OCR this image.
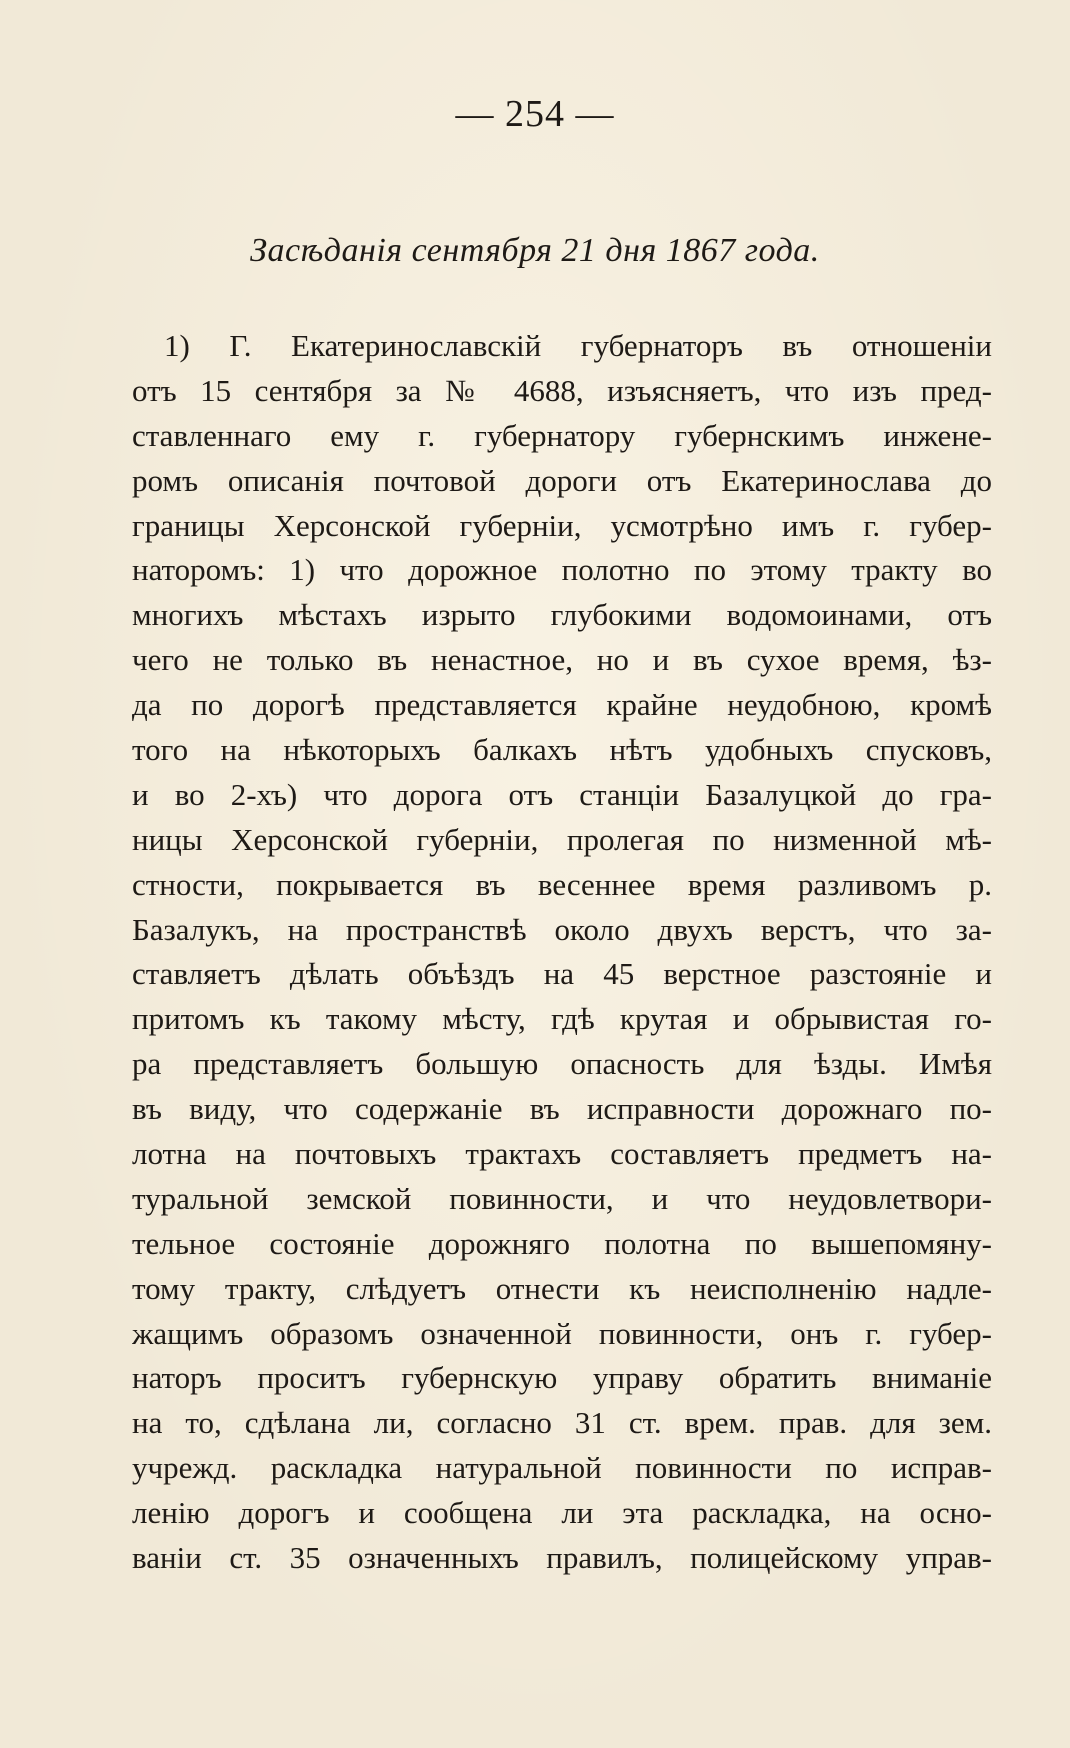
— 254 —
Засѣданія сентября 21 дня 1867 года.
1) Г. Екатеринославскій губернаторъ въ отношеніи
отъ 15 сентября за № 4688, изъясняетъ, что изъ пред-
ставленнаго ему г. губернатору губернскимъ инжене-
ромъ описанія почтовой дороги отъ Екатеринослава до
границы Херсонской губерніи, усмотрѣно имъ г. губер-
наторомъ: 1) что дорожное полотно по этому тракту во
многихъ мѣстахъ изрыто глубокими водомоинами, отъ
чего не только въ ненастное, но и въ сухое время, ѣз-
да по дорогѣ представляется крайне неудобною, кромѣ
того на нѣкоторыхъ балкахъ нѣтъ удобныхъ спусковъ,
и во 2-хъ) что дорога отъ станціи Базалуцкой до гра-
ницы Херсонской губерніи, пролегая по низменной мѣ-
стности, покрывается въ весеннее время разливомъ р.
Базалукъ, на пространствѣ около двухъ верстъ, что за-
ставляетъ дѣлать объѣздъ на 45 верстное разстояніе и
притомъ къ такому мѣсту, гдѣ крутая и обрывистая го-
ра представляетъ большую опасность для ѣзды. Имѣя
въ виду, что содержаніе въ исправности дорожнаго по-
лотна на почтовыхъ трактахъ составляетъ предметъ на-
туральной земской повинности, и что неудовлетвори-
тельное состояніе дорожняго полотна по вышепомяну-
тому тракту, слѣдуетъ отнести къ неисполненію надле-
жащимъ образомъ означенной повинности, онъ г. губер-
наторъ проситъ губернскую управу обратить вниманіе
на то, сдѣлана ли, согласно 31 ст. врем. прав. для зем.
учрежд. раскладка натуральной повинности по исправ-
ленію дорогъ и сообщена ли эта раскладка, на осно-
ваніи ст. 35 означенныхъ правилъ, полицейскому управ-
